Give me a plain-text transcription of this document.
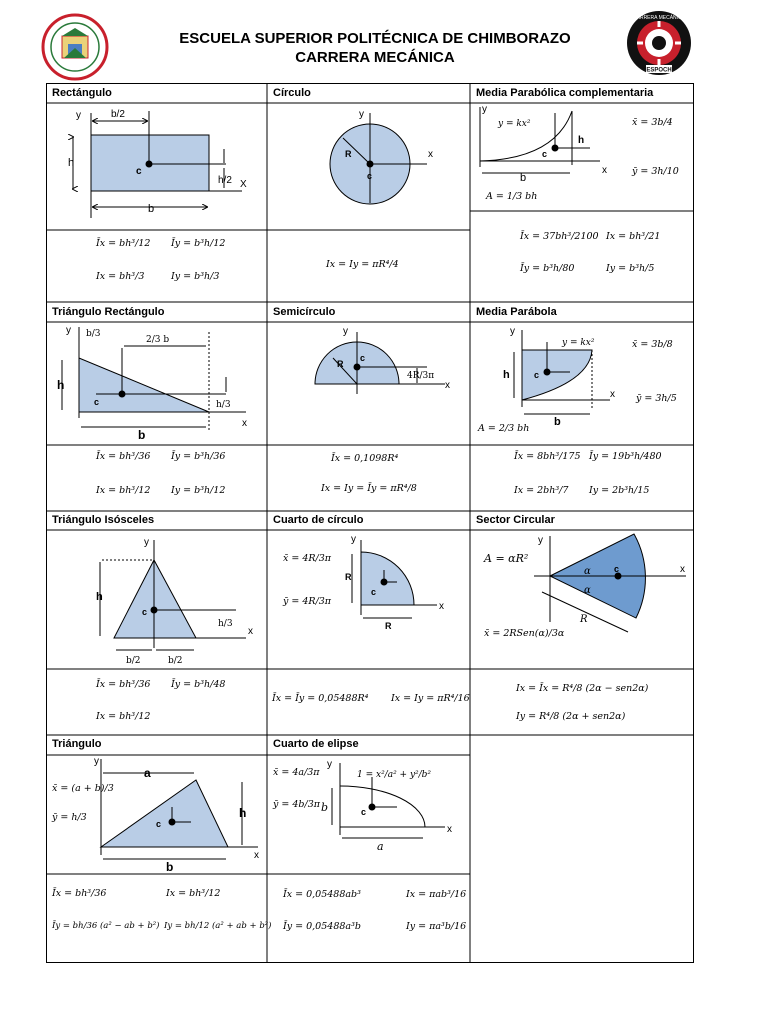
ESCUELA SUPERIOR POLITÉCNICA DE CHIMBORAZO
CARRERA MECÁNICA
CARRERA MECÁNICA
ESPOCH
Rectángulo	Círculo	Media Parabólica complementaria
b/2
b
h
h/2
c
X
y
Īx = bh³/12 Īy = b³h/12
Ix = bh³/3	Iy = b³h/3
R
c
x
y
Ix = Iy = πR⁴/4
y = kx²
h
b
c
x
y
x̄ = 3b/4
ȳ = 3h/10
A = 1/3 bh
Īx = 37bh³/2100 Ix = bh³/21
Īy = b³h/80	Iy = b³h/5
Triángulo Rectángulo	Semicírculo	Media Parábola
b/3
2/3 b
h
h/3
b
c
x
y
Īx = bh³/36 Īy = b³h/36
Ix = bh³/12 Iy = b³h/12
R
c
4R/3π
x
y
Īx = 0,1098R⁴
Ix = Iy = Īy = πR⁴/8
y = kx²
h
b
c
x
y
x̄ = 3b/8
ȳ = 3h/5
A = 2/3 bh
Īx = 8bh³/175 Īy = 19b³h/480
Ix = 2bh³/7 Iy = 2b³h/15
Triángulo Isósceles	Cuarto de círculo	Sector Circular
h
h/3
b/2	b/2
c
x
y
Īx = bh³/36 Īy = b³h/48
Ix = bh³/12
R
R
c
x
y
x̄ = 4R/3π
ȳ = 4R/3π
Īx = Īy = 0,05488R⁴ Ix = Iy = πR⁴/16
α
α
R
c	x
y
A = αR²
x̄ = 2RSen(α)/3α
Ix = Īx = R⁴/8 (2α − sen2α)
Iy = R⁴/8 (2α + sen2α)
Triángulo	Cuarto de elipse
a
b
h
c
x
y
x̄ = (a + b)/3
ȳ = h/3
Īx = bh³/36	Ix = bh³/12
Īy = bh/36 (a² − ab + b²) Iy = bh/12 (a² + ab + b²)
1 = x²/a² + y²/b²
a
b	c
x
y
x̄ = 4a/3π
ȳ = 4b/3π
Īx = 0,05488ab³	Ix = πab³/16
Īy = 0,05488a³b	Iy = πa³b/16
